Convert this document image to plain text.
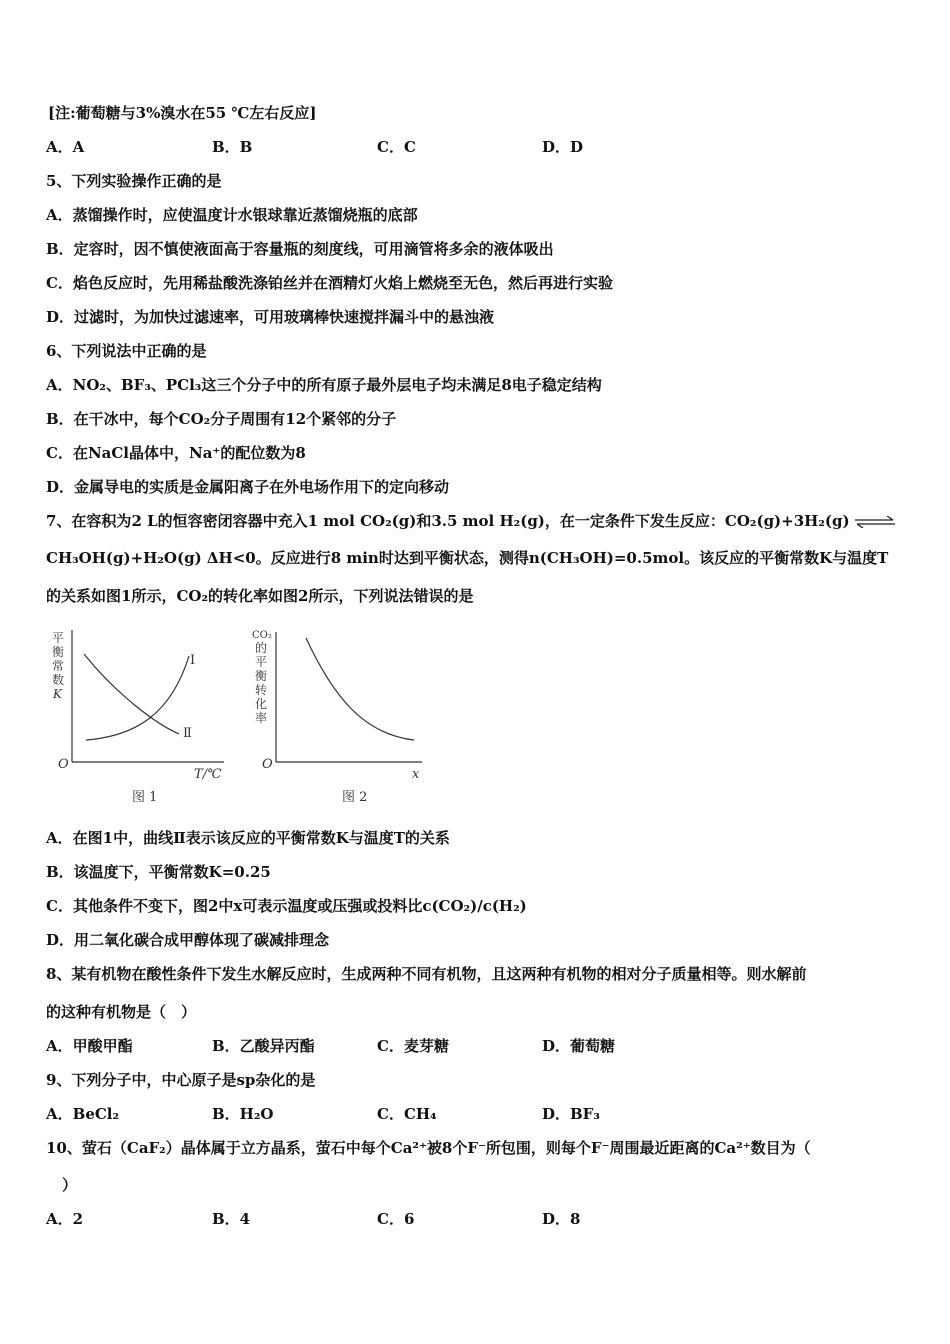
[注:葡萄糖与3%溴水在55 ℃左右反应]
A．A	B．B	C．C	D．D
5、下列实验操作正确的是
A．蒸馏操作时，应使温度计水银球靠近蒸馏烧瓶的底部
B．定容时，因不慎使液面高于容量瓶的刻度线，可用滴管将多余的液体吸出
C．焰色反应时，先用稀盐酸洗涤铂丝并在酒精灯火焰上燃烧至无色，然后再进行实验
D．过滤时，为加快过滤速率，可用玻璃棒快速搅拌漏斗中的悬浊液
6、下列说法中正确的是
A．NO₂、BF₃、PCl₃这三个分子中的所有原子最外层电子均未满足8电子稳定结构
B．在干冰中，每个CO₂分子周围有12个紧邻的分子
C．在NaCl晶体中，Na⁺的配位数为8
D．金属导电的实质是金属阳离子在外电场作用下的定向移动
7、在容积为2 L的恒容密闭容器中充入1 mol CO₂(g)和3.5 mol H₂(g)，在一定条件下发生反应：CO₂(g)+3H₂(g) ⇌
CH₃OH(g)+H₂O(g) ΔH<0。反应进行8 min时达到平衡状态，测得n(CH₃OH)=0.5mol。该反应的平衡常数K与温度T
的关系如图1所示，CO₂的转化率如图2所示，下列说法错误的是
平
衡
常
数
K
Ⅰ
Ⅱ
O
T/℃
图 1
CO₂
的
平
衡
转
化
率
O
x
图 2
A．在图1中，曲线Ⅱ表示该反应的平衡常数K与温度T的关系
B．该温度下，平衡常数K=0.25
C．其他条件不变下，图2中x可表示温度或压强或投料比c(CO₂)/c(H₂)
D．用二氧化碳合成甲醇体现了碳减排理念
8、某有机物在酸性条件下发生水解反应时，生成两种不同有机物，且这两种有机物的相对分子质量相等。则水解前
的这种有机物是（　）
A．甲酸甲酯	B．乙酸异丙酯	C．麦芽糖	D．葡萄糖
9、下列分子中，中心原子是sp杂化的是
A．BeCl₂	B．H₂O	C．CH₄	D．BF₃
10、萤石（CaF₂）晶体属于立方晶系，萤石中每个Ca²⁺被8个F⁻所包围，则每个F⁻周围最近距离的Ca²⁺数目为（
）
A．2	B．4	C．6	D．8
